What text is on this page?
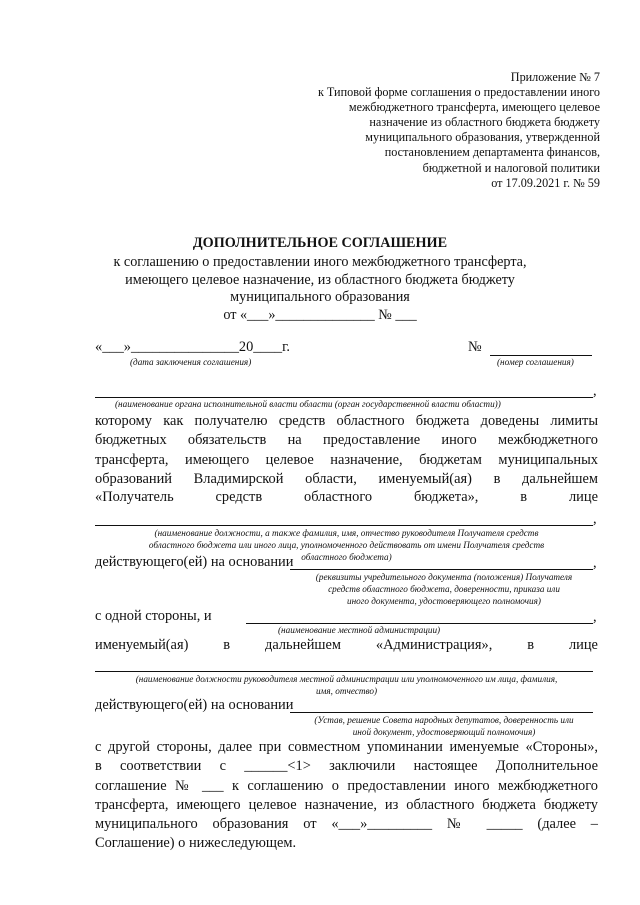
Приложение № 7
к Типовой форме соглашения о предоставлении иного
межбюджетного трансферта, имеющего целевое
назначение из областного бюджета бюджету
муниципального образования, утвержденной
постановлением департамента финансов,
бюджетной и налоговой политики
от 17.09.2021 г. № 59
ДОПОЛНИТЕЛЬНОЕ СОГЛАШЕНИЕ
к соглашению о предоставлении иного межбюджетного трансферта,
имеющего целевое назначение, из областного бюджета бюджету
муниципального образования
от «___»______________ № ___
«___»_______________20____г.
(дата заключения соглашения)
№
(номер соглашения)
,
(наименование органа исполнительной власти области (орган государственной власти области))
которому как получателю средств областного бюджета доведены лимиты
бюджетных обязательств на предоставление иного межбюджетного
трансферта, имеющего целевое назначение, бюджетам муниципальных
образований Владимирской области, именуемый(ая) в дальнейшем
«Получатель	средств	областного	бюджета»,	в	лице
,
(наименование должности, а также фамилия, имя, отчество руководителя Получателя средств
областного бюджета или иного лица, уполномоченного действовать от имени Получателя средств
областного бюджета)
действующего(ей) на основании	,
(реквизиты учредительного документа (положения) Получателя
средств областного бюджета, доверенности, приказа или
иного документа, удостоверяющего полномочия)
с одной стороны, и	,
(наименование местной администрации)
именуемый(ая) в дальнейшем «Администрация», в лице
(наименование должности руководителя местной администрации или уполномоченного им лица, фамилия,
имя, отчество)
действующего(ей) на основании
(Устав, решение Совета народных депутатов, доверенность или
иной документ, удостоверяющий полномочия)
с другой стороны, далее при совместном упоминании именуемые «Стороны»,
в соответствии с ______<1> заключили настоящее Дополнительное
соглашение № ___ к соглашению о предоставлении иного межбюджетного
трансферта, имеющего целевое назначение, из областного бюджета бюджету
муниципального образования от «___»_________ № _____ (далее –
Соглашение) о нижеследующем.
